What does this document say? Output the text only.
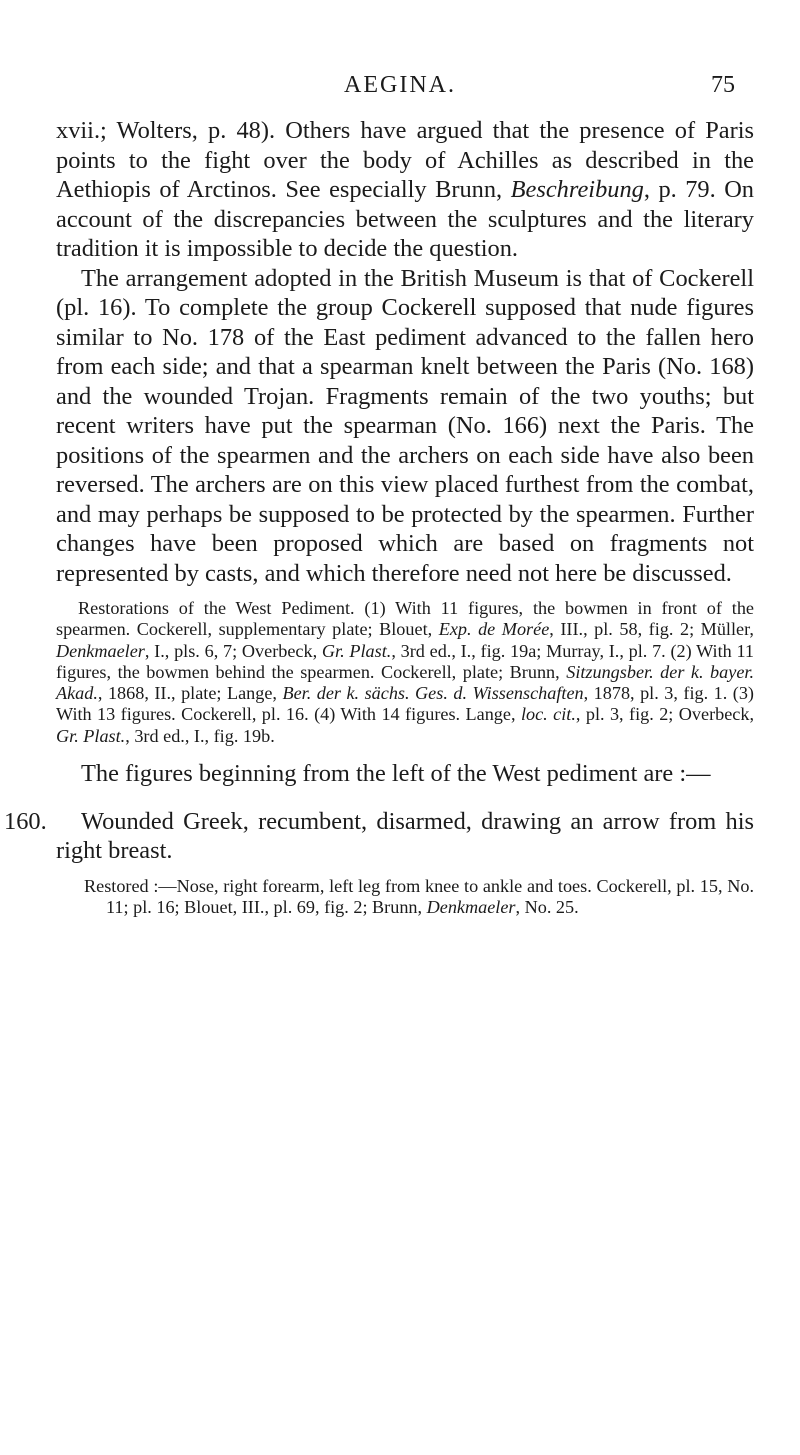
AEGINA.	75

xvii.; Wolters, p. 48). Others have argued that the presence of Paris points to the fight over the body of Achilles as described in the Aethiopis of Arctinos. See especially Brunn, Beschreibung, p. 79. On account of the discrepancies between the sculptures and the literary tradition it is impossible to decide the question.

The arrangement adopted in the British Museum is that of Cockerell (pl. 16). To complete the group Cockerell supposed that nude figures similar to No. 178 of the East pediment advanced to the fallen hero from each side; and that a spearman knelt between the Paris (No. 168) and the wounded Trojan. Fragments remain of the two youths; but recent writers have put the spearman (No. 166) next the Paris. The positions of the spearmen and the archers on each side have also been reversed. The archers are on this view placed furthest from the combat, and may perhaps be supposed to be protected by the spearmen. Further changes have been proposed which are based on fragments not represented by casts, and which therefore need not here be discussed.

Restorations of the West Pediment. (1) With 11 figures, the bowmen in front of the spearmen. Cockerell, supplementary plate; Blouet, Exp. de Morée, III., pl. 58, fig. 2; Müller, Denkmaeler, I., pls. 6, 7; Overbeck, Gr. Plast., 3rd ed., I., fig. 19a; Murray, I., pl. 7. (2) With 11 figures, the bowmen behind the spearmen. Cockerell, plate; Brunn, Sitzungsber. der k. bayer. Akad., 1868, II., plate; Lange, Ber. der k. sächs. Ges. d. Wissenschaften, 1878, pl. 3, fig. 1. (3) With 13 figures. Cockerell, pl. 16. (4) With 14 figures. Lange, loc. cit., pl. 3, fig. 2; Overbeck, Gr. Plast., 3rd ed., I., fig. 19b.

The figures beginning from the left of the West pediment are :—

160.	Wounded Greek, recumbent, disarmed, drawing an arrow from his right breast.

Restored :—Nose, right forearm, left leg from knee to ankle and toes. Cockerell, pl. 15, No. 11; pl. 16; Blouet, III., pl. 69, fig. 2; Brunn, Denkmaeler, No. 25.
